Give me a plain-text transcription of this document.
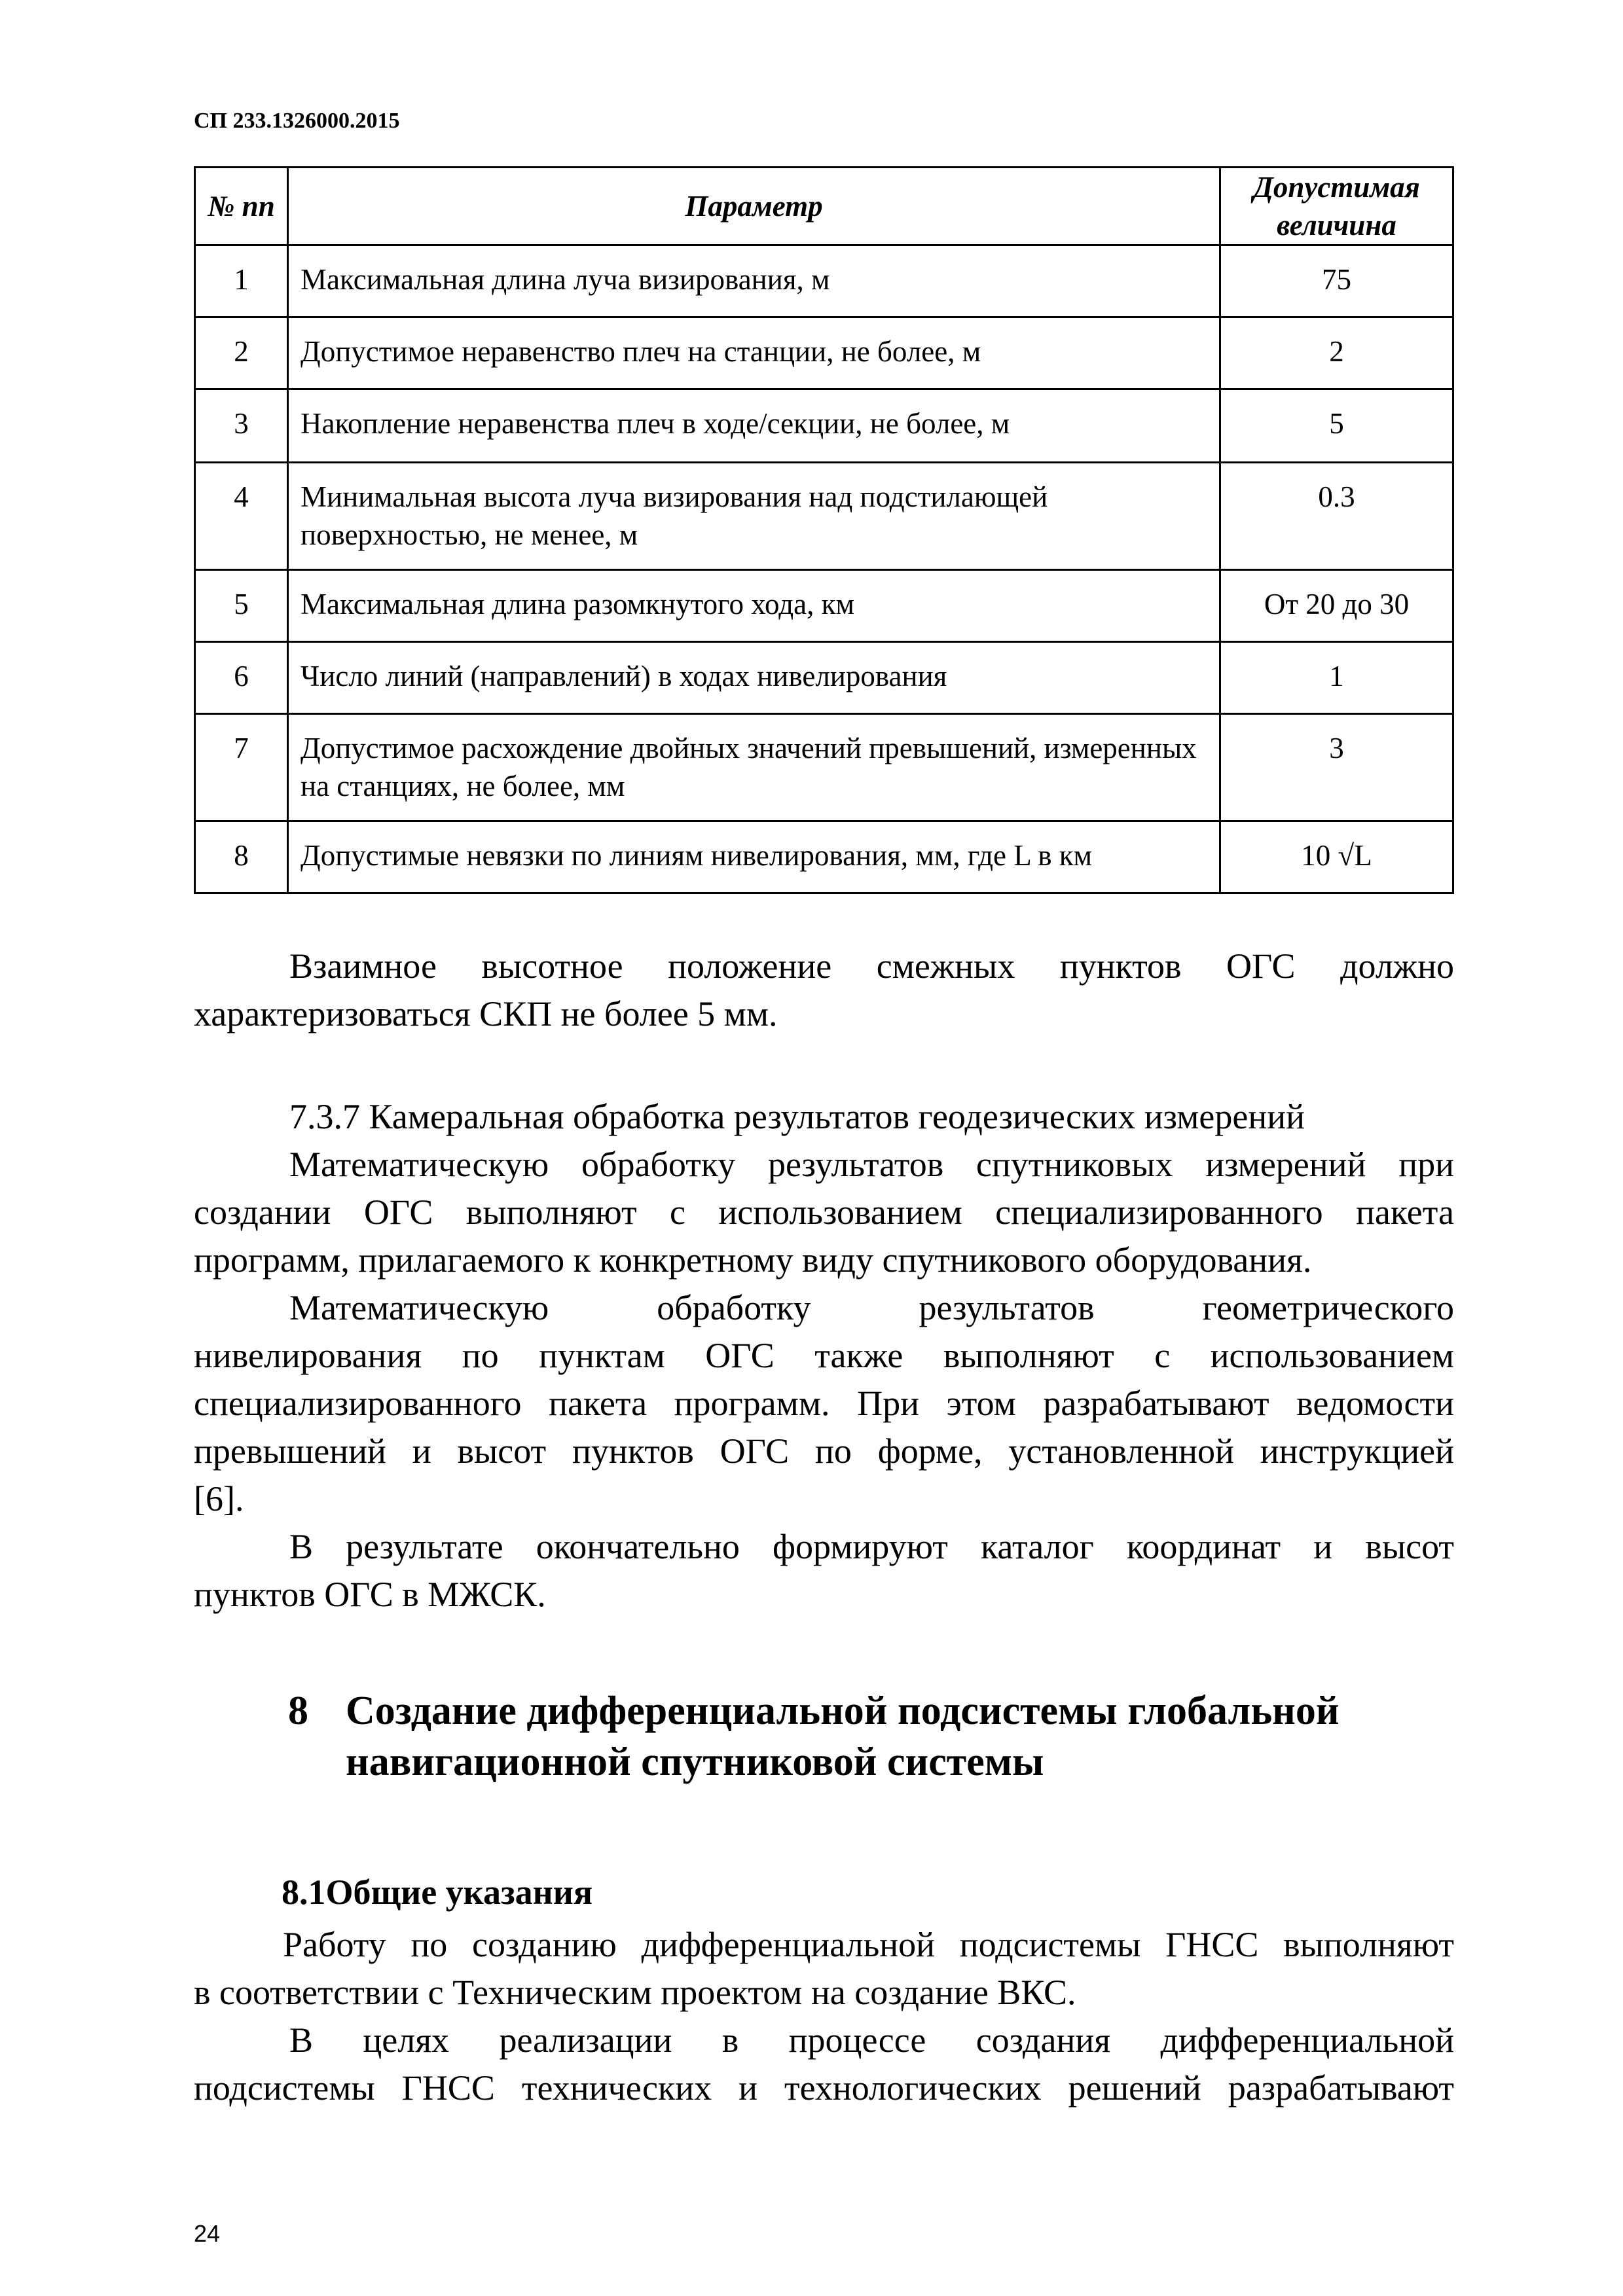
СП 233.1326000.2015
№ пп	Параметр	Допустимая величина
1	Максимальная длина луча визирования, м	75
2	Допустимое неравенство плеч на станции, не более, м	2
3	Накопление неравенства плеч в ходе/секции, не более, м	5
4	Минимальная высота луча визирования над подстилающей поверхностью, не менее, м	0.3
5	Максимальная длина разомкнутого хода, км	От 20 до 30
6	Число линий (направлений) в ходах нивелирования	1
7	Допустимое расхождение двойных значений превышений, измеренных на станциях, не более, мм	3
8	Допустимые невязки по линиям нивелирования, мм, где L в км	10 √L

Взаимное высотное положение смежных пунктов ОГС должно

характеризоваться СКП не более 5 мм.

7.3.7 Камеральная обработка результатов геодезических измерений

Математическую обработку результатов спутниковых измерений при

создании ОГС выполняют с использованием специализированного пакета

программ, прилагаемого к конкретному виду спутникового оборудования.

Математическую обработку результатов геометрического

нивелирования по пунктам ОГС также выполняют с использованием

специализированного пакета программ. При этом разрабатывают ведомости

превышений и высот пунктов ОГС по форме, установленной инструкцией

[6].

В результате окончательно формируют каталог координат и высот

пунктов ОГС в МЖСК.

8 Создание дифференциальной подсистемы глобальной
навигационной спутниковой системы

8.1Общие указания

Работу по созданию дифференциальной подсистемы ГНСС выполняют

в соответствии с Техническим проектом на создание ВКС.

В целях реализации в процессе создания дифференциальной

подсистемы ГНСС технических и технологических решений разрабатывают

24
